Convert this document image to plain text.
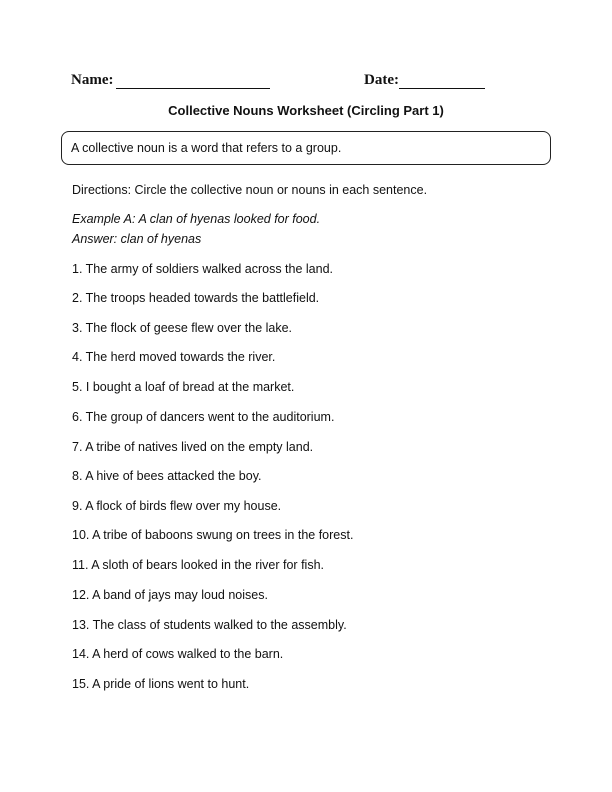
Name:	Date:
Collective Nouns Worksheet (Circling Part 1)
A collective noun is a word that refers to a group.
Directions: Circle the collective noun or nouns in each sentence.
Example A: A clan of hyenas looked for food.
Answer: clan of hyenas
1. The army of soldiers walked across the land.
2. The troops headed towards the battlefield.
3. The flock of geese flew over the lake.
4. The herd moved towards the river.
5. I bought a loaf of bread at the market.
6. The group of dancers went to the auditorium.
7. A tribe of natives lived on the empty land.
8. A hive of bees attacked the boy.
9. A flock of birds flew over my house.
10. A tribe of baboons swung on trees in the forest.
11. A sloth of bears looked in the river for fish.
12. A band of jays may loud noises.
13. The class of students walked to the assembly.
14. A herd of cows walked to the barn.
15. A pride of lions went to hunt.
